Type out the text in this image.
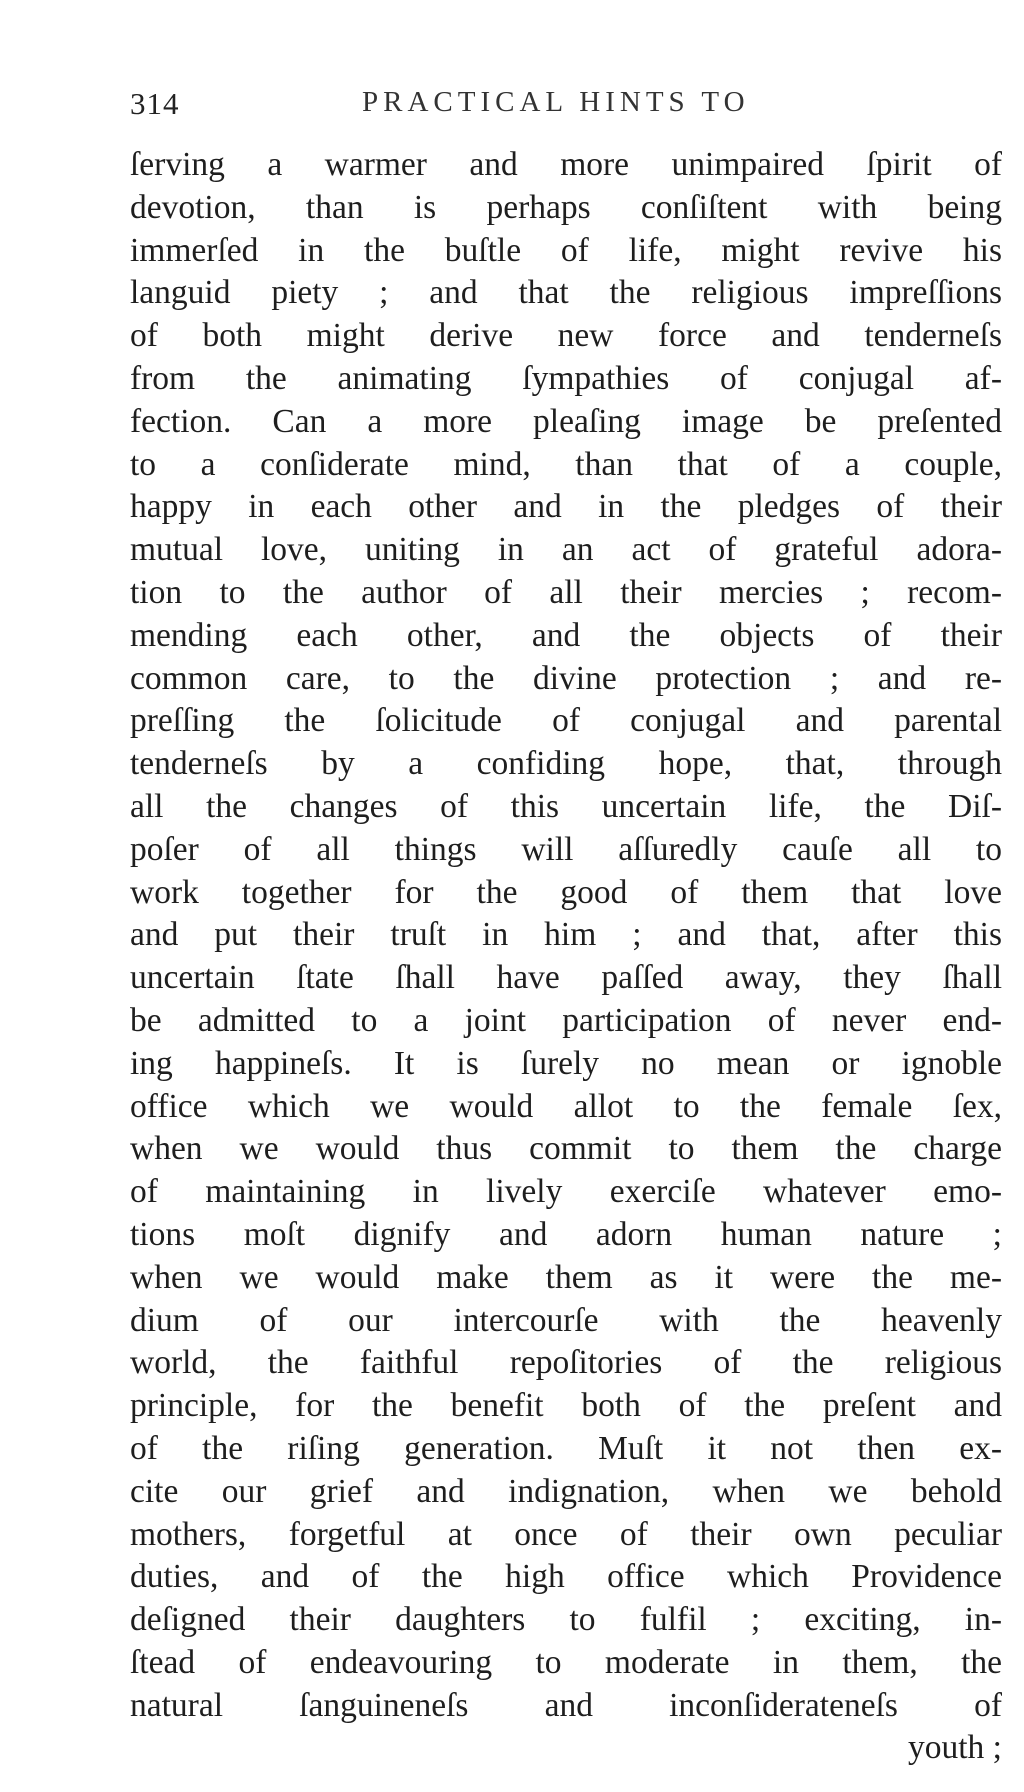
314	PRACTICAL HINTS TO
ſerving a warmer and more unimpaired ſpirit of
devotion, than is perhaps conſiſtent with being
immerſed in the buſtle of life, might revive his
languid piety ; and that the religious impreſſions
of both might derive new force and tenderneſs
from the animating ſympathies of conjugal af-
fection. Can a more pleaſing image be preſented
to a conſiderate mind, than that of a couple,
happy in each other and in the pledges of their
mutual love, uniting in an act of grateful adora-
tion to the author of all their mercies ; recom-
mending each other, and the objects of their
common care, to the divine protection ; and re-
preſſing the ſolicitude of conjugal and parental
tenderneſs by a confiding hope, that, through
all the changes of this uncertain life, the Diſ-
poſer of all things will aſſuredly cauſe all to
work together for the good of them that love
and put their truſt in him ; and that, after this
uncertain ſtate ſhall have paſſed away, they ſhall
be admitted to a joint participation of never end-
ing happineſs. It is ſurely no mean or ignoble
office which we would allot to the female ſex,
when we would thus commit to them the charge
of maintaining in lively exerciſe whatever emo-
tions moſt dignify and adorn human nature ;
when we would make them as it were the me-
dium of our intercourſe with the heavenly
world, the faithful repoſitories of the religious
principle, for the benefit both of the preſent and
of the riſing generation. Muſt it not then ex-
cite our grief and indignation, when we behold
mothers, forgetful at once of their own peculiar
duties, and of the high office which Providence
deſigned their daughters to fulfil ; exciting, in-
ſtead of endeavouring to moderate in them, the
natural ſanguineneſs and inconſiderateneſs of
youth ;
